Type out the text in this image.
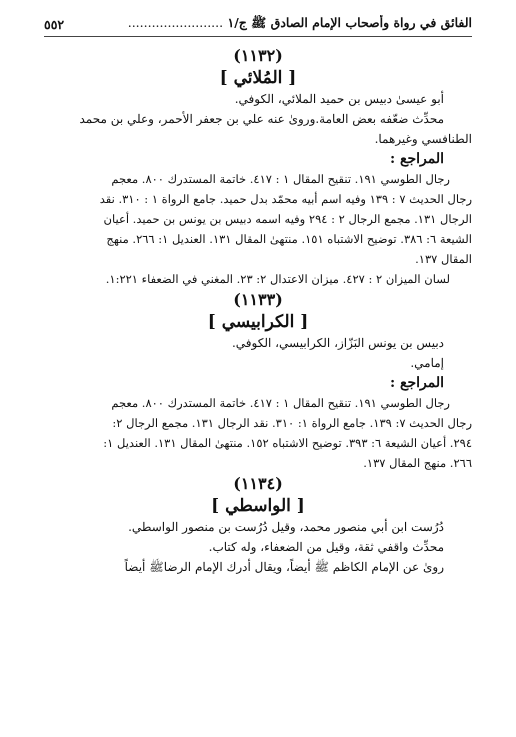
الفائق في رواة وأصحاب الإمام الصادق ﷺ ج/١ ........................
٥٥٢

(١١٣٢)

[ المُلائي ]

أبو عيسىٰ دبيس بن حميد الملائي، الكوفي.

محدِّث ضعّفه بعض العامة.وروىٰ عنه علي بن جعفر الأحمر، وعلي بن محمد

الطنافسي وغيرهما.

المراجع :

رجال الطوسي ١٩١. تنقيح المقال ١ : ٤١٧. خاتمة المستدرك ٨٠٠. معجم

رجال الحديث ٧ : ١٣٩ وفيه اسم أبيه محمّد بدل حميد. جامع الرواة ١ : ٣١٠. نقد

الرجال ١٣١. مجمع الرجال ٢ : ٢٩٤ وفيه اسمه دبيس بن يونس بن حميد. أعيان

الشيعة ٦: ٣٨٦. توضيح الاشتباه ١٥١. منتهىٰ المقال ١٣١. العنديل ١: ٢٦٦. منهج

المقال ١٣٧.

لسان الميزان ٢ : ٤٢٧. ميزان الاعتدال ٢: ٢٣. المغني في الضعفاء ١:٢٢١.

(١١٣٣)

[ الكرابيسي ]

دبيس بن يونس البَزّاز، الكرابيسي، الكوفي.

إمامي.

المراجع :

رجال الطوسي ١٩١. تنقيح المقال ١ : ٤١٧. خاتمة المستدرك ٨٠٠. معجم

رجال الحديث ٧: ١٣٩. جامع الرواة ١: ٣١٠. نقد الرجال ١٣١. مجمع الرجال ٢:

٢٩٤. أعيان الشيعة ٦: ٣٩٣. توضيح الاشتباه ١٥٢. منتهىٰ المقال ١٣١. العنديل ١:

٢٦٦. منهج المقال ١٣٧.

(١١٣٤)

[ الواسطي ]

دُرُست ابن أبي منصور محمد، وقيل دُرُست بن منصور الواسطي.

محدِّث واقفي ثقة، وقيل من الضعفاء، وله كتاب.

روىٰ عن الإمام الكاظم ﷺ أيضاً، ويقال أدرك الإمام الرضاﷺ أيضاً
